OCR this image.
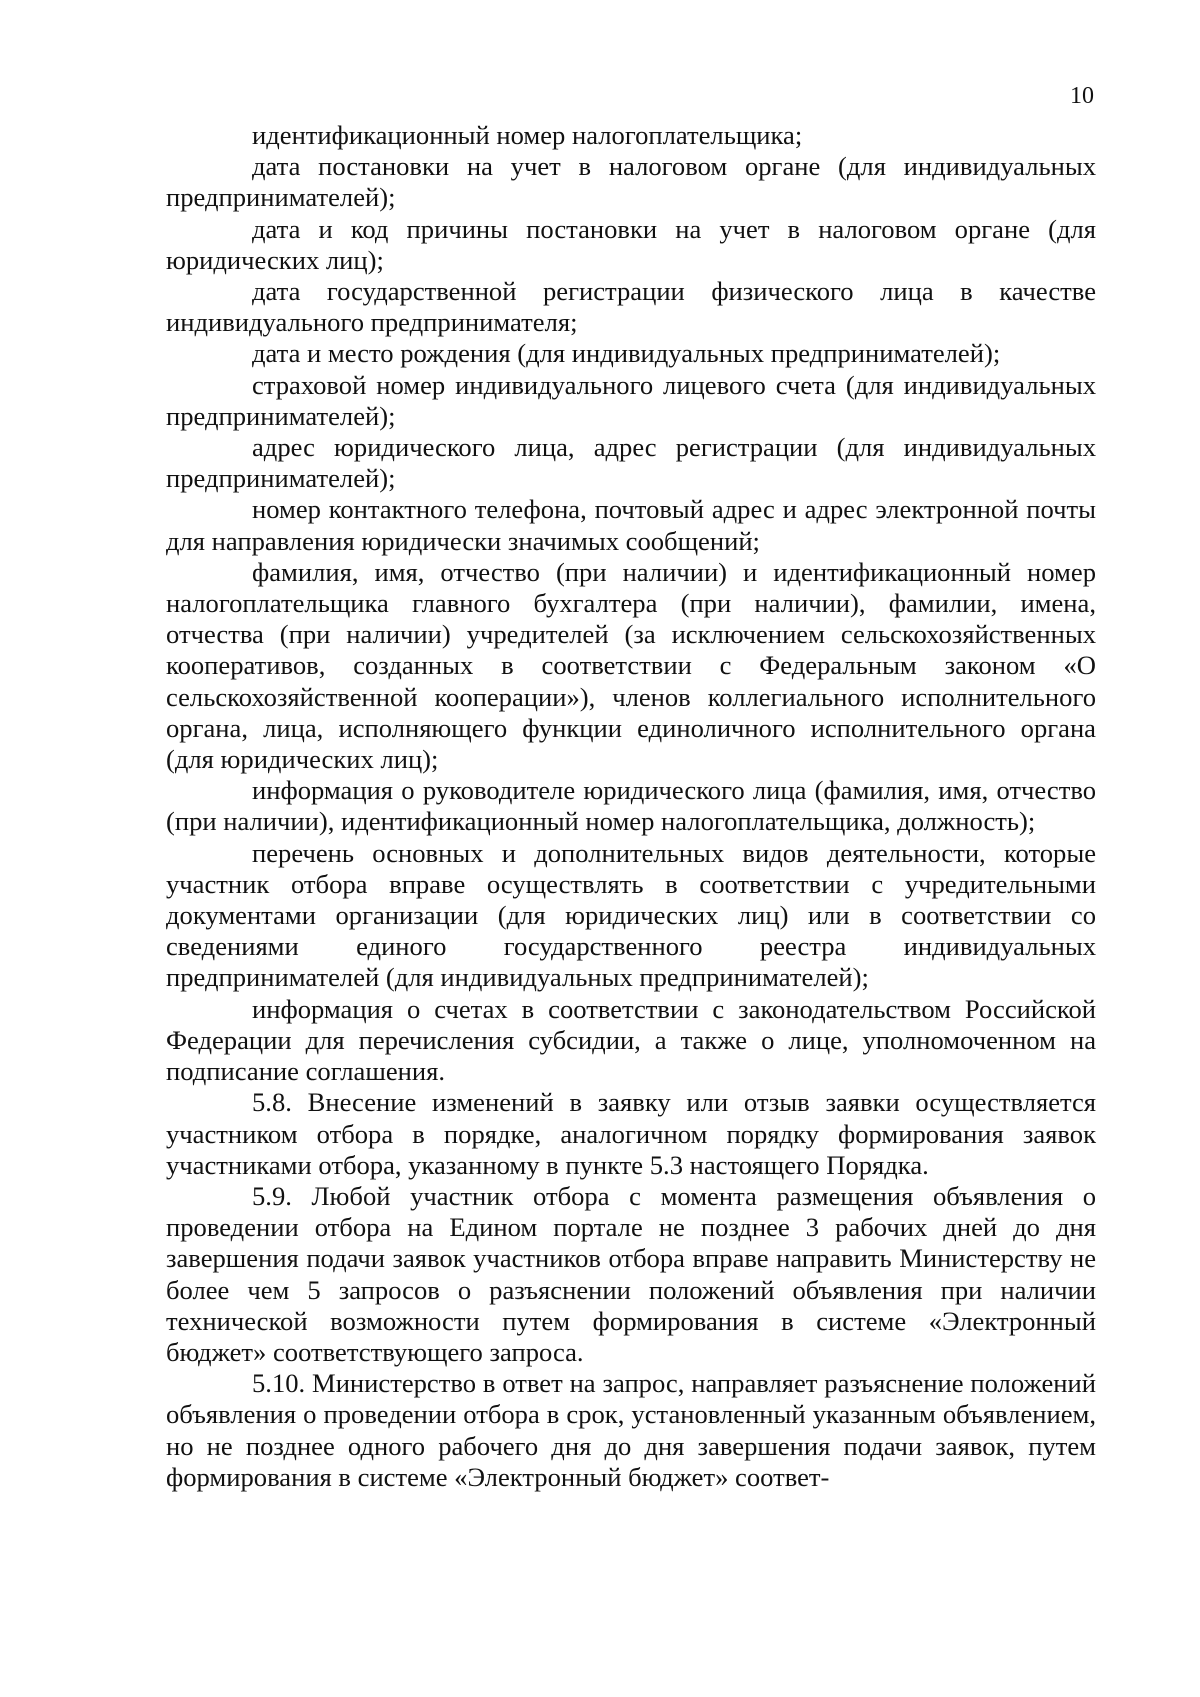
10

идентификационный номер налогоплательщика;

дата постановки на учет в налоговом органе (для индивидуальных предпринимателей);

дата и код причины постановки на учет в налоговом органе (для юридических лиц);

дата государственной регистрации физического лица в качестве индивидуального предпринимателя;

дата и место рождения (для индивидуальных предпринимателей);

страховой номер индивидуального лицевого счета (для индивидуальных предпринимателей);

адрес юридического лица, адрес регистрации (для индивидуальных предпринимателей);

номер контактного телефона, почтовый адрес и адрес электронной почты для направления юридически значимых сообщений;

фамилия, имя, отчество (при наличии) и идентификационный номер налогоплательщика главного бухгалтера (при наличии), фамилии, имена, отчества (при наличии) учредителей (за исключением сельскохозяйственных кооперативов, созданных в соответствии с Федеральным законом «О сельскохозяйственной кооперации»), членов коллегиального исполнительного органа, лица, исполняющего функции единоличного исполнительного органа (для юридических лиц);

информация о руководителе юридического лица (фамилия, имя, отчество (при наличии), идентификационный номер налогоплательщика, должность);

перечень основных и дополнительных видов деятельности, которые участник отбора вправе осуществлять в соответствии с учредительными документами организации (для юридических лиц) или в соответствии со сведениями единого государственного реестра индивидуальных предпринимателей (для индивидуальных предпринимателей);

информация о счетах в соответствии с законодательством Российской Федерации для перечисления субсидии, а также о лице, уполномоченном на подписание соглашения.

5.8. Внесение изменений в заявку или отзыв заявки осуществляется участником отбора в порядке, аналогичном порядку формирования заявок участниками отбора, указанному в пункте 5.3 настоящего Порядка.

5.9. Любой участник отбора с момента размещения объявления о проведении отбора на Едином портале не позднее 3 рабочих дней до дня завершения подачи заявок участников отбора вправе направить Министерству не более чем 5 запросов о разъяснении положений объявления при наличии технической возможности путем формирования в системе «Электронный бюджет» соответствующего запроса.

5.10. Министерство в ответ на запрос, направляет разъяснение положений объявления о проведении отбора в срок, установленный указанным объявлением, но не позднее одного рабочего дня до дня завершения подачи заявок, путем формирования в системе «Электронный бюджет» соответ-
